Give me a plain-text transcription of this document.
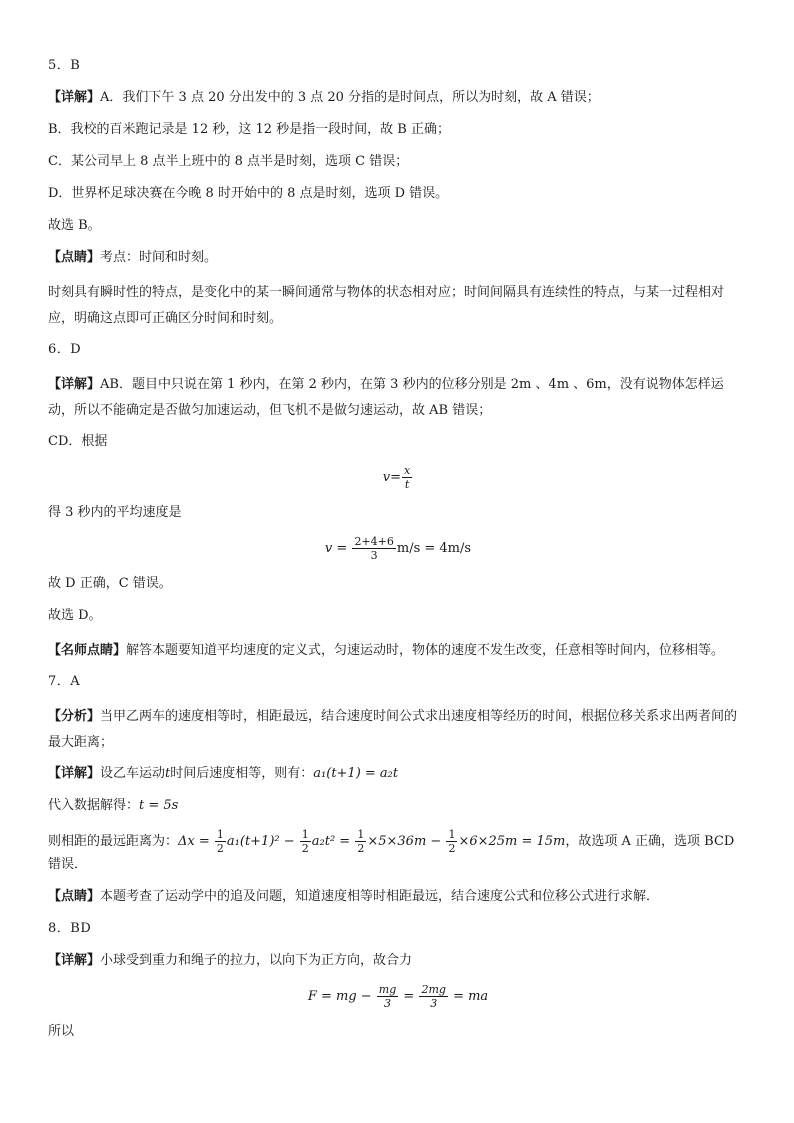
5．B
【详解】A．我们下午 3 点 20 分出发中的 3 点 20 分指的是时间点，所以为时刻，故 A 错误；
B．我校的百米跑记录是 12 秒，这 12 秒是指一段时间，故 B 正确；
C．某公司早上 8 点半上班中的 8 点半是时刻，选项 C 错误；
D．世界杯足球决赛在今晚 8 时开始中的 8 点是时刻，选项 D 错误。
故选 B。
【点睛】考点：时间和时刻。
时刻具有瞬时性的特点，是变化中的某一瞬间通常与物体的状态相对应；时间间隔具有连续性的特点，与某一过程相对应，明确这点即可正确区分时间和时刻。
6．D
【详解】AB．题目中只说在第 1 秒内，在第 2 秒内，在第 3 秒内的位移分别是 2m 、4m 、6m，没有说物体怎样运动，所以不能确定是否做匀加速运动，但飞机不是做匀速运动，故 AB 错误；
CD．根据
$v= \frac{x}{t}$
得 3 秒内的平均速度是
$v = \frac{2+4+6}{3} m/s = 4m/s$
故 D 正确，C 错误。
故选 D。
【名师点睛】解答本题要知道平均速度的定义式，匀速运动时，物体的速度不发生改变，任意相等时间内，位移相等。
7．A
【分析】当甲乙两车的速度相等时，相距最远，结合速度时间公式求出速度相等经历的时间，根据位移关系求出两者间的最大距离；
【详解】设乙车运动t时间后速度相等，则有：a₁(t+1) = a₂t
代入数据解得：t = 5s
则相距的最远距离为：$\Delta x = \frac{1}{2} a_1(t+1)^2 - \frac{1}{2} a_2t^2 = \frac{1}{2} \times 5\times 36m - \frac{1}{2} \times 6\times 25m = 15m$，故选项 A 正确，选项 BCD 错误．
【点睛】本题考查了运动学中的追及问题，知道速度相等时相距最远，结合速度公式和位移公式进行求解．
8．BD
【详解】小球受到重力和绳子的拉力，以向下为正方向，故合力
F = mg − $\frac{mg}{3} = \frac{2mg}{3}$ = ma
所以
